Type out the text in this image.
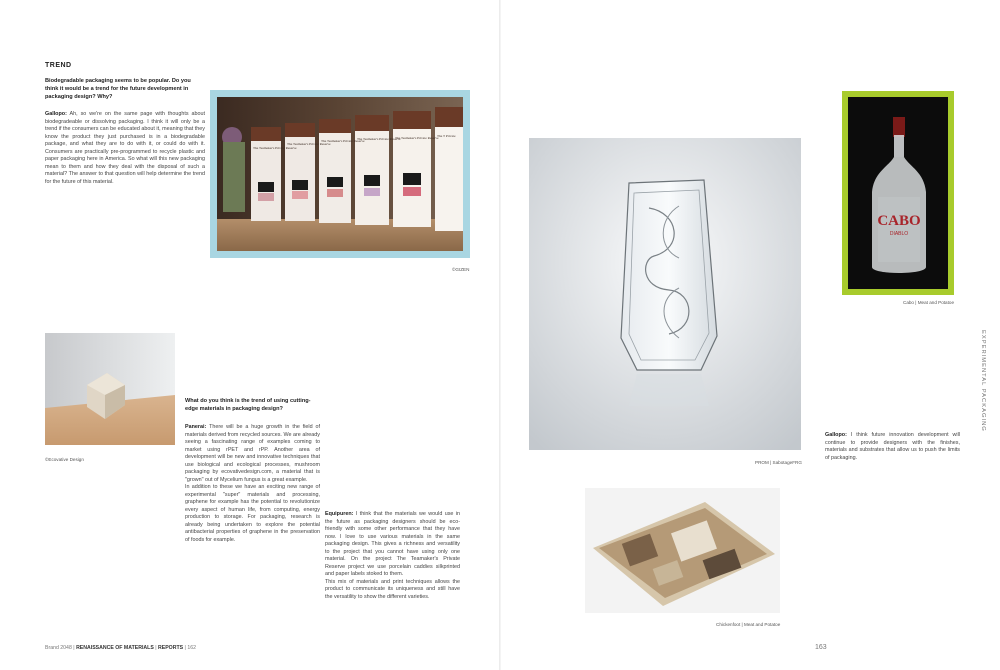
TREND
Biodegradable packaging seems to be popular. Do you think it would be a trend for the future development in packaging design? Why?
Gallopo: Ah, so we're on the same page with thoughts about biodegradeable or dissolving packaging. I think it will only be a trend if the consumers can be educated about it, meaning that they know the product they just purchased is in a biodegradable package, and what they are to do with it, or could do with it. Consumers are practically pre-programmed to recycle plastic and paper packaging here in America. So what will this new packaging mean to them and how they deal with the disposal of such a material? The answer to that question will help determine the trend for the future of this material.
The Teamaker's Private Reserve
The Teamaker's Private Reserve
The Teamaker's Private Reserve
The Teamaker's Private Reserve
The Teamaker's Private Reserve
The T Private
©GIZEN
©Ecovative Design
What do you think is the trend of using cutting-edge materials in packaging design?
Panerai: There will be a huge growth in the field of materials derived from recycled sources. We are already seeing a fascinating range of examples coming to market using rPET and rPP. Another area of development will be new and innovative techniques that use biological and ecological processes, mushroom packaging by ecovativedesign.com, a material that is "grown" out of Mycelium fungus is a great example.
In addition to these we have an exciting new range of experimental "super" materials and processing, graphene for example has the potential to revolutionize every aspect of human life, from computing, energy production to storage. For packaging, research is already being undertaken to explore the potential antibacterial properties of graphene in the preservation of foods for example.
Equipuren: I think that the materials we would use in the future as packaging designers should be eco-friendly with some other performance that they have now. I love to use various materials in the same packaging design. This gives a richness and versatility to the project that you cannot have using only one material. On the project The Teamaker's Private Reserve project we use porcelain caddies silkprinted and paper labels stoked to them.
This mix of materials and print techniques allows the product to communicate its uniqueness and still have the versatility to show the different varieties.
Brand 2048 | RENAISSANCE OF MATERIALS | REPORTS | 162
PROM | SabotageFRG
CABO
DIABLO
Cabo | Meat and Potatoe
EXPERIMENTAL PACKAGING
Gallopo: I think future innovation development will continue to provide designers with the finishes, materials and substrates that allow us to push the limits of packaging.
Chickenfoot | Meat and Potatoe
163
